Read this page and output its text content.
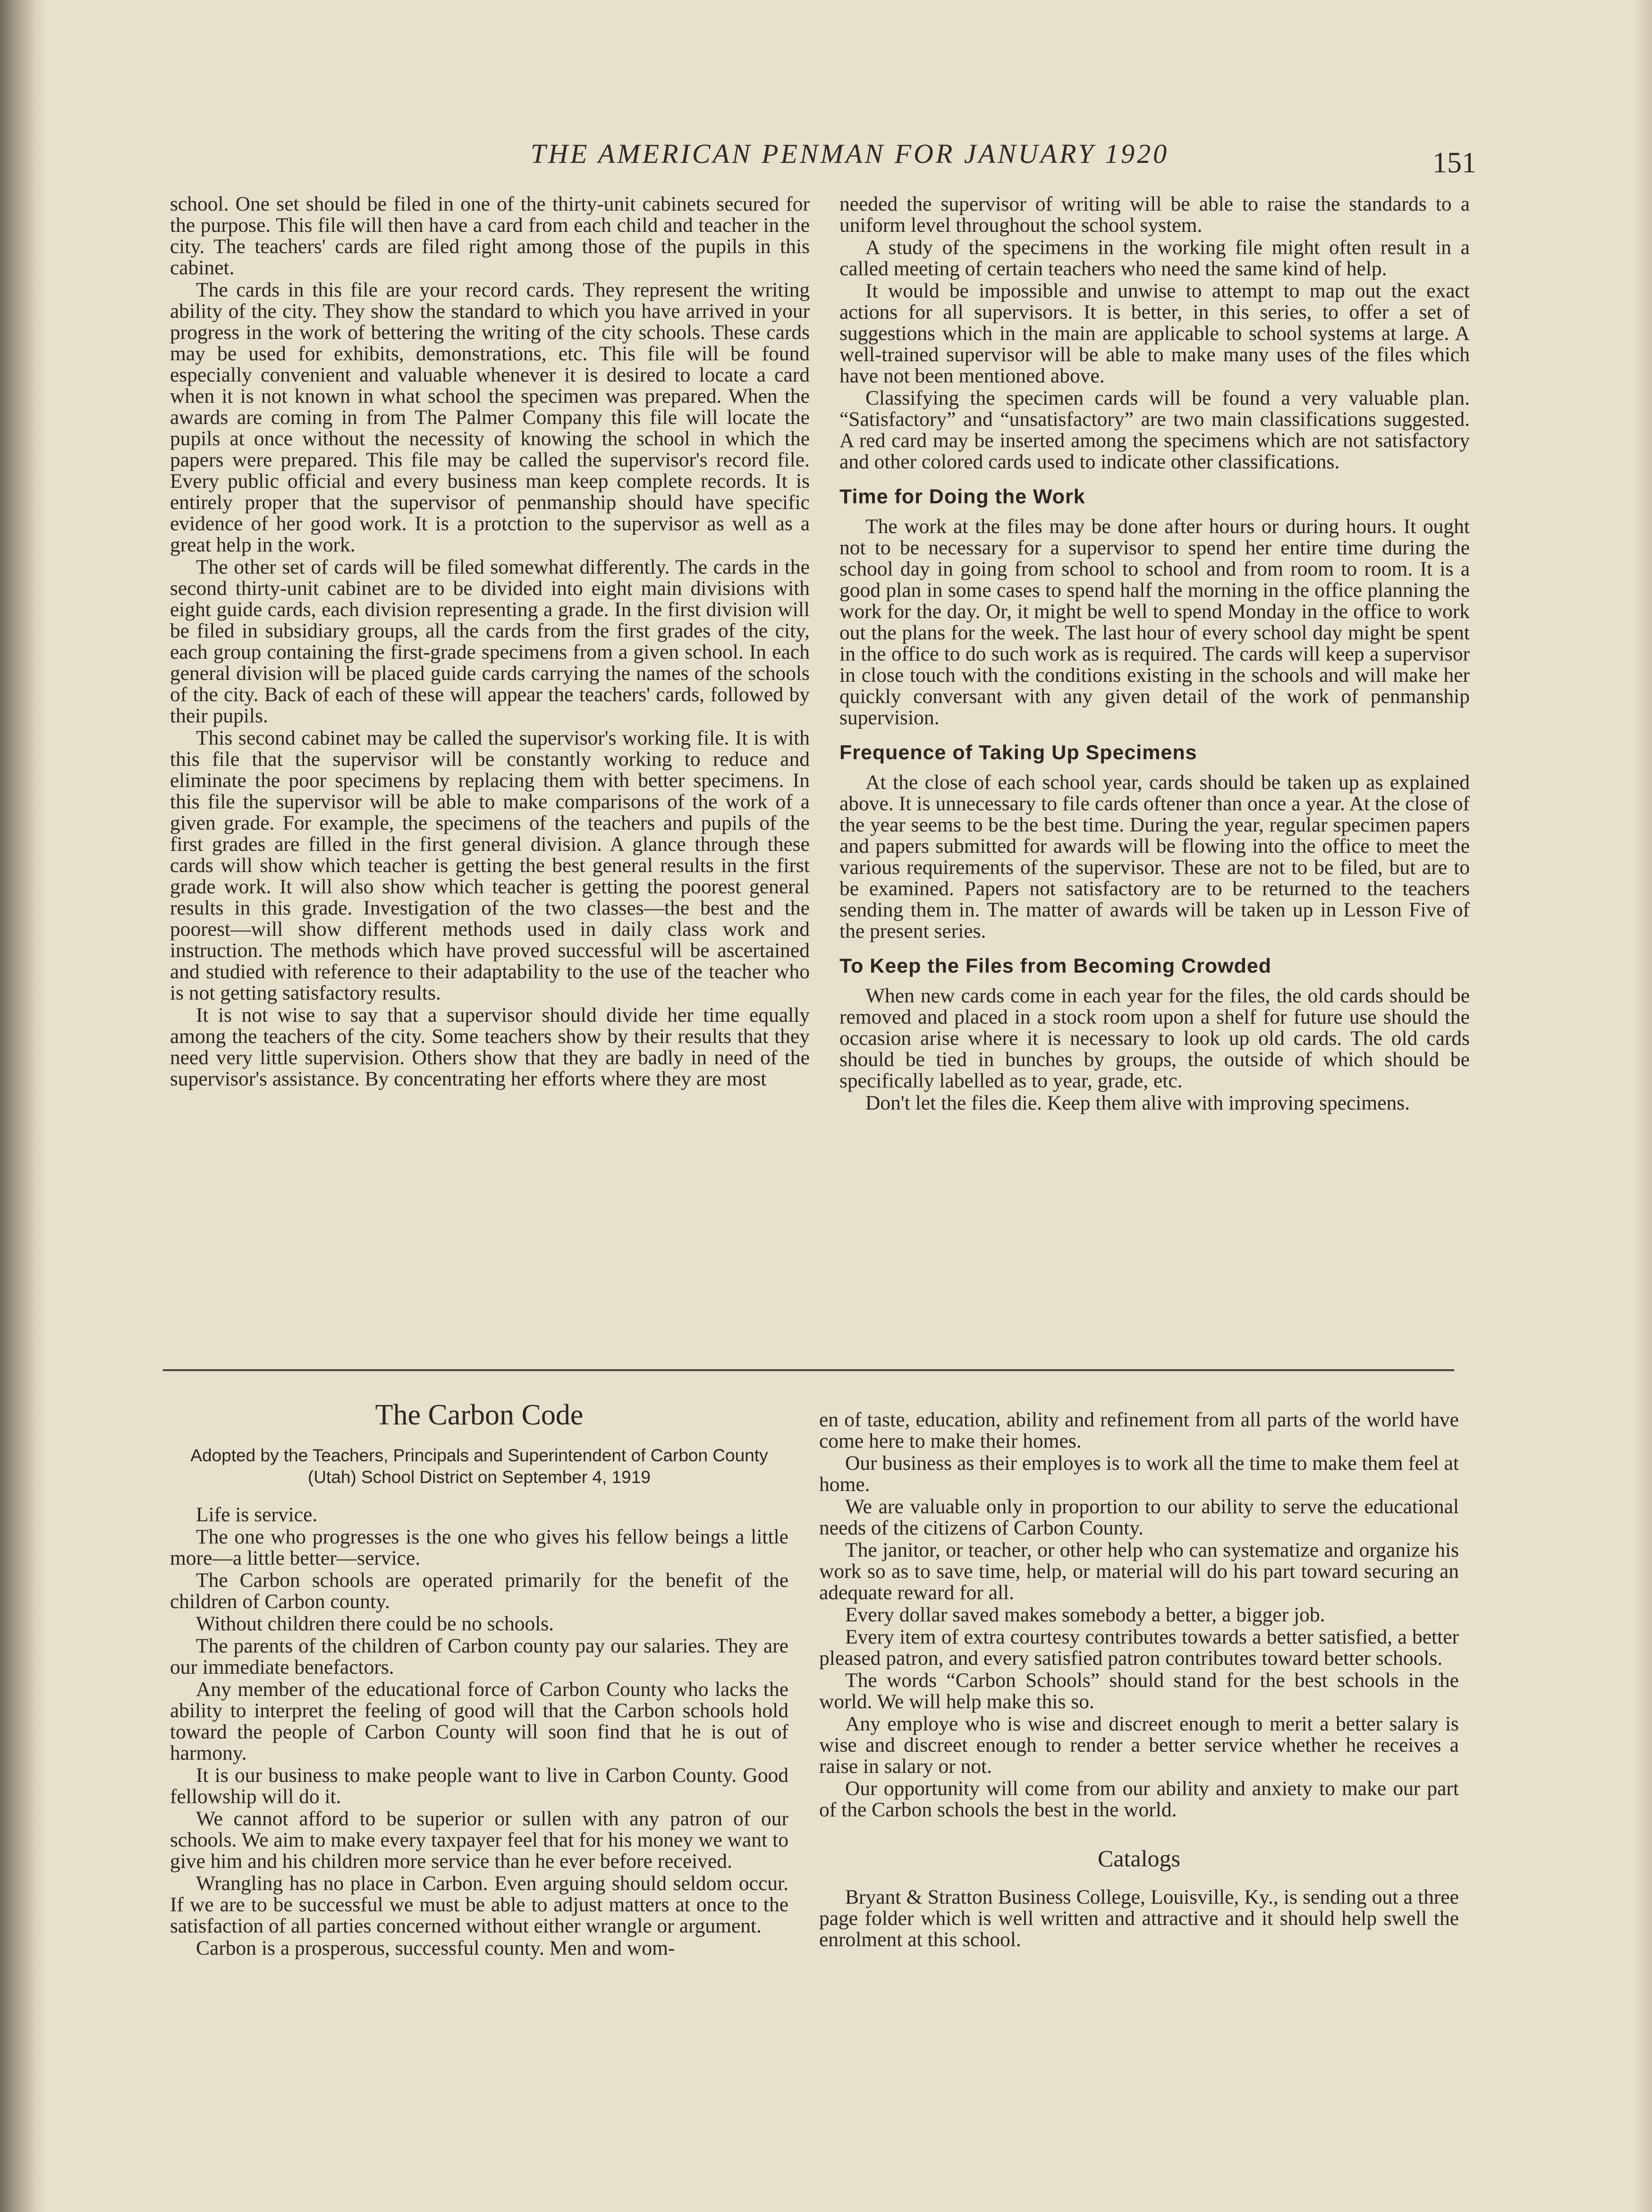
THE AMERICAN PENMAN FOR JANUARY 1920	151

school. One set should be filed in one of the thirty-unit cabinets secured for the purpose. This file will then have a card from each child and teacher in the city. The teachers' cards are filed right among those of the pupils in this cabinet.

The cards in this file are your record cards. They represent the writing ability of the city. They show the standard to which you have arrived in your progress in the work of bettering the writing of the city schools. These cards may be used for exhibits, demonstrations, etc. This file will be found especially convenient and valuable whenever it is desired to locate a card when it is not known in what school the specimen was prepared. When the awards are coming in from The Palmer Company this file will locate the pupils at once without the necessity of knowing the school in which the papers were prepared. This file may be called the supervisor's record file. Every public official and every business man keep complete records. It is entirely proper that the supervisor of penmanship should have specific evidence of her good work. It is a protction to the supervisor as well as a great help in the work.

The other set of cards will be filed somewhat differently. The cards in the second thirty-unit cabinet are to be divided into eight main divisions with eight guide cards, each division representing a grade. In the first division will be filed in subsidiary groups, all the cards from the first grades of the city, each group containing the first-grade specimens from a given school. In each general division will be placed guide cards carrying the names of the schools of the city. Back of each of these will appear the teachers' cards, followed by their pupils.

This second cabinet may be called the supervisor's working file. It is with this file that the supervisor will be constantly working to reduce and eliminate the poor specimens by replacing them with better specimens. In this file the supervisor will be able to make comparisons of the work of a given grade. For example, the specimens of the teachers and pupils of the first grades are filled in the first general division. A glance through these cards will show which teacher is getting the best general results in the first grade work. It will also show which teacher is getting the poorest general results in this grade. Investigation of the two classes—the best and the poorest—will show different methods used in daily class work and instruction. The methods which have proved successful will be ascertained and studied with reference to their adaptability to the use of the teacher who is not getting satisfactory results.

It is not wise to say that a supervisor should divide her time equally among the teachers of the city. Some teachers show by their results that they need very little supervision. Others show that they are badly in need of the supervisor's assistance. By concentrating her efforts where they are most

needed the supervisor of writing will be able to raise the standards to a uniform level throughout the school system.

A study of the specimens in the working file might often result in a called meeting of certain teachers who need the same kind of help.

It would be impossible and unwise to attempt to map out the exact actions for all supervisors. It is better, in this series, to offer a set of suggestions which in the main are applicable to school systems at large. A well-trained supervisor will be able to make many uses of the files which have not been mentioned above.

Classifying the specimen cards will be found a very valuable plan. “Satisfactory” and “unsatisfactory” are two main classifications suggested. A red card may be inserted among the specimens which are not satisfactory and other colored cards used to indicate other classifications.

Time for Doing the Work

The work at the files may be done after hours or during hours. It ought not to be necessary for a supervisor to spend her entire time during the school day in going from school to school and from room to room. It is a good plan in some cases to spend half the morning in the office planning the work for the day. Or, it might be well to spend Monday in the office to work out the plans for the week. The last hour of every school day might be spent in the office to do such work as is required. The cards will keep a supervisor in close touch with the conditions existing in the schools and will make her quickly conversant with any given detail of the work of penmanship supervision.

Frequence of Taking Up Specimens

At the close of each school year, cards should be taken up as explained above. It is unnecessary to file cards oftener than once a year. At the close of the year seems to be the best time. During the year, regular specimen papers and papers submitted for awards will be flowing into the office to meet the various requirements of the supervisor. These are not to be filed, but are to be examined. Papers not satisfactory are to be returned to the teachers sending them in. The matter of awards will be taken up in Lesson Five of the present series.

To Keep the Files from Becoming Crowded

When new cards come in each year for the files, the old cards should be removed and placed in a stock room upon a shelf for future use should the occasion arise where it is necessary to look up old cards. The old cards should be tied in bunches by groups, the outside of which should be specifically labelled as to year, grade, etc.

Don't let the files die. Keep them alive with improving specimens.

The Carbon Code
Adopted by the Teachers, Principals and Superintendent of Carbon County (Utah) School District on September 4, 1919

Life is service.

The one who progresses is the one who gives his fellow beings a little more—a little better—service.

The Carbon schools are operated primarily for the benefit of the children of Carbon county.

Without children there could be no schools.

The parents of the children of Carbon county pay our salaries. They are our immediate benefactors.

Any member of the educational force of Carbon County who lacks the ability to interpret the feeling of good will that the Carbon schools hold toward the people of Carbon County will soon find that he is out of harmony.

It is our business to make people want to live in Carbon County. Good fellowship will do it.

We cannot afford to be superior or sullen with any patron of our schools. We aim to make every taxpayer feel that for his money we want to give him and his children more service than he ever before received.

Wrangling has no place in Carbon. Even arguing should seldom occur. If we are to be successful we must be able to adjust matters at once to the satisfaction of all parties concerned without either wrangle or argument.

Carbon is a prosperous, successful county. Men and wom-

en of taste, education, ability and refinement from all parts of the world have come here to make their homes.

Our business as their employes is to work all the time to make them feel at home.

We are valuable only in proportion to our ability to serve the educational needs of the citizens of Carbon County.

The janitor, or teacher, or other help who can systematize and organize his work so as to save time, help, or material will do his part toward securing an adequate reward for all.

Every dollar saved makes somebody a better, a bigger job.

Every item of extra courtesy contributes towards a better satisfied, a better pleased patron, and every satisfied patron contributes toward better schools.

The words “Carbon Schools” should stand for the best schools in the world. We will help make this so.

Any employe who is wise and discreet enough to merit a better salary is wise and discreet enough to render a better service whether he receives a raise in salary or not.

Our opportunity will come from our ability and anxiety to make our part of the Carbon schools the best in the world.

Catalogs

Bryant & Stratton Business College, Louisville, Ky., is sending out a three page folder which is well written and attractive and it should help swell the enrolment at this school.
